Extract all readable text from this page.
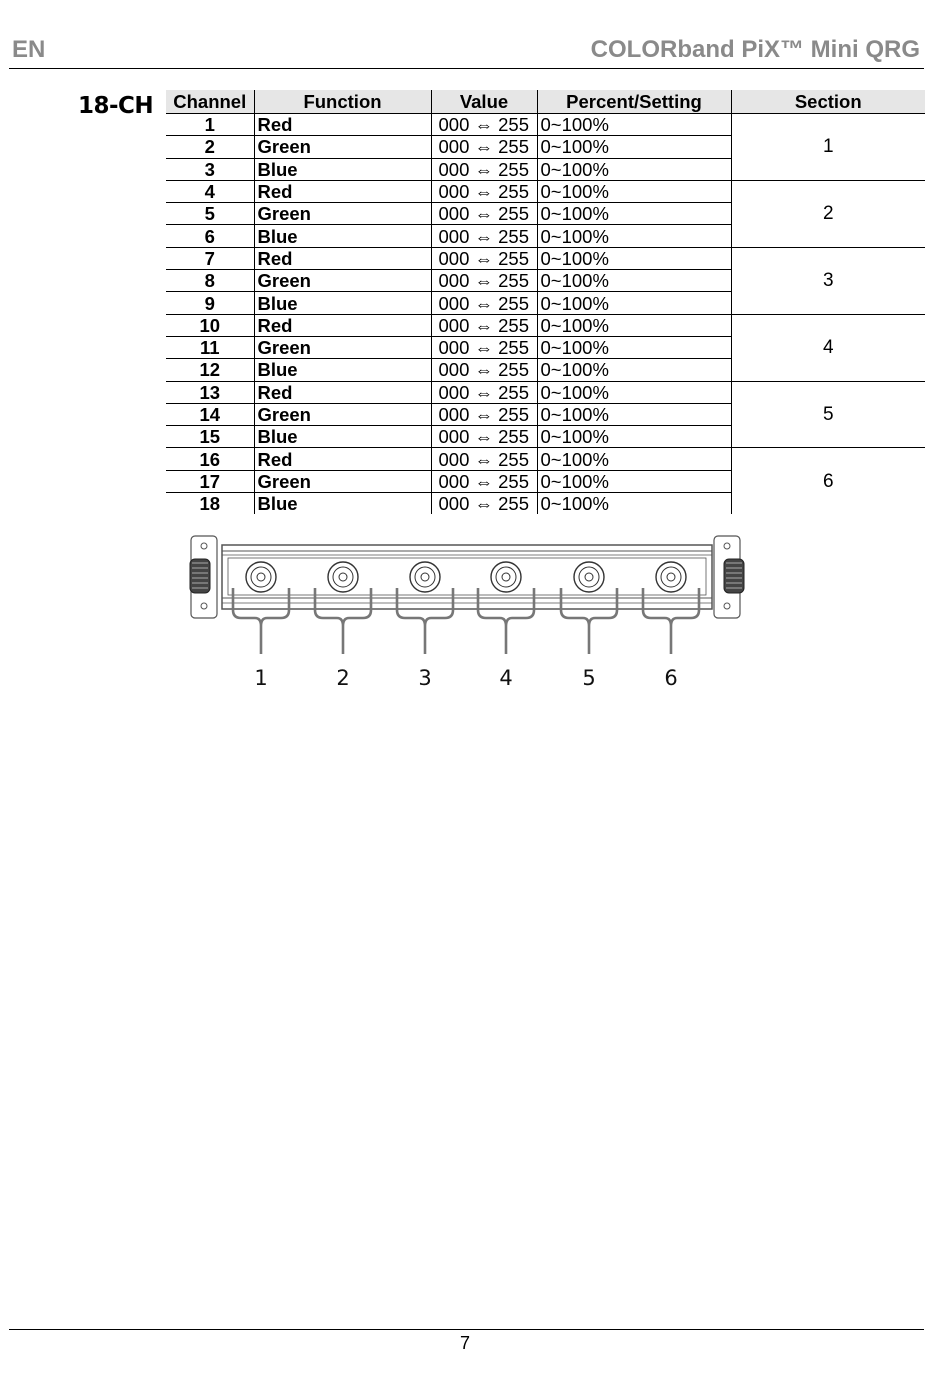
EN	COLORband PiX™ Mini QRG
18-CH Channel	Function	Value	Percent/Setting	Section
1	Red	000 ⇔ 255	0~100%	1
2	Green	000 ⇔ 255	0~100%	
3	Blue	000 ⇔ 255	0~100%	
4	Red	000 ⇔ 255	0~100%	2
5	Green	000 ⇔ 255	0~100%	
6	Blue	000 ⇔ 255	0~100%	
7	Red	000 ⇔ 255	0~100%	3
8	Green	000 ⇔ 255	0~100%	
9	Blue	000 ⇔ 255	0~100%	
10	Red	000 ⇔ 255	0~100%	4
11	Green	000 ⇔ 255	0~100%	
12	Blue	000 ⇔ 255	0~100%	
13	Red	000 ⇔ 255	0~100%	5
14	Green	000 ⇔ 255	0~100%	
15	Blue	000 ⇔ 255	0~100%	
16	Red	000 ⇔ 255	0~100%	6
17	Green	000 ⇔ 255	0~100%	
18	Blue	000 ⇔ 255	0~100%	
1	2	3	4	5	6
7
